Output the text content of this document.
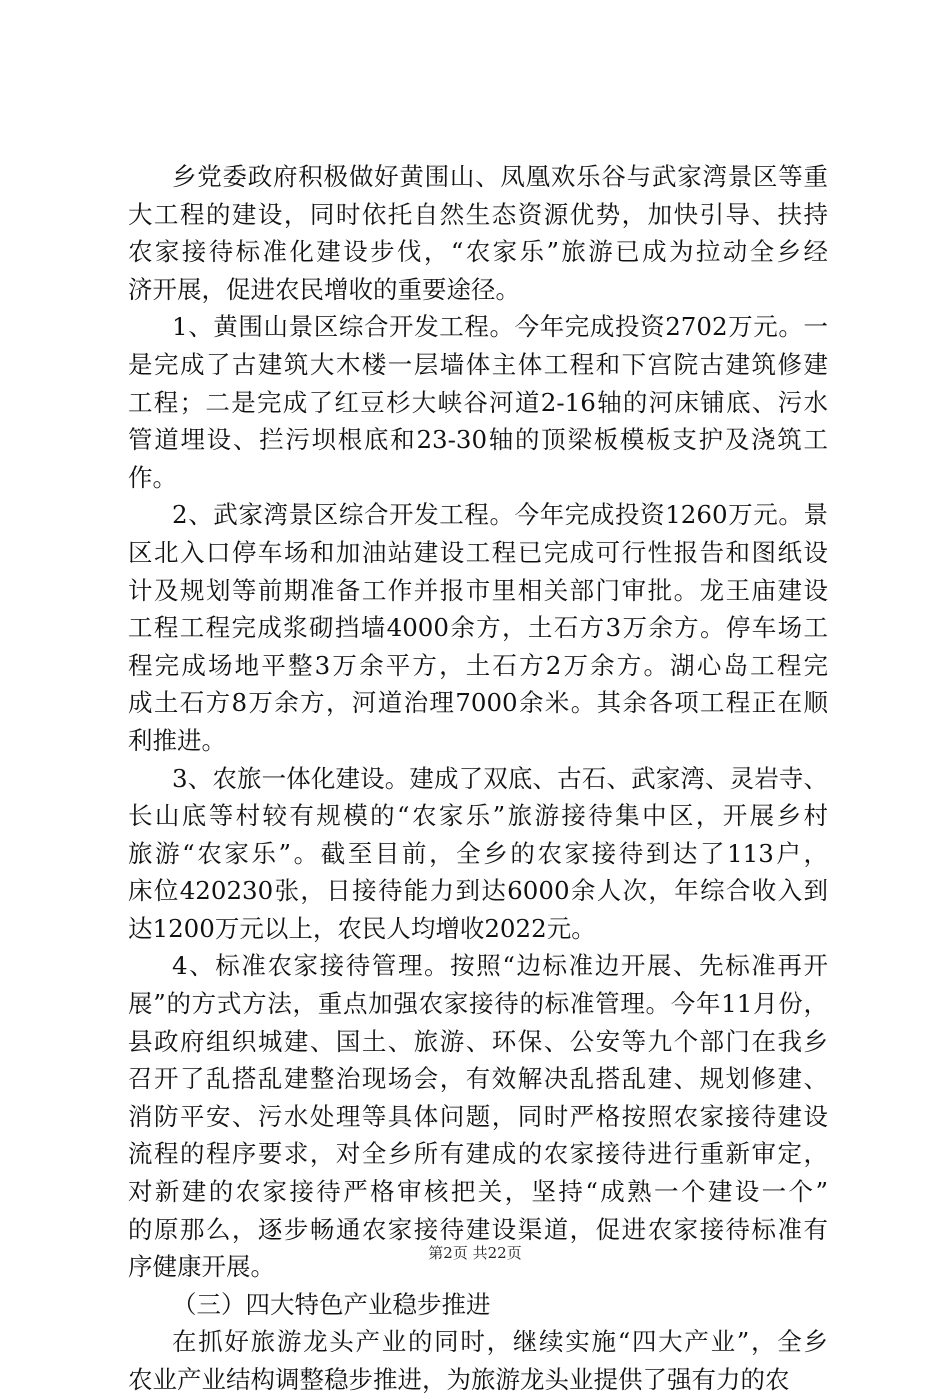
乡党委政府积极做好黄围山、凤凰欢乐谷与武家湾景区等重
大工程的建设，同时依托自然生态资源优势，加快引导、扶持
农家接待标准化建设步伐，“农家乐”旅游已成为拉动全乡经
济开展，促进农民增收的重要途径。
1、黄围山景区综合开发工程。今年完成投资2702万元。一
是完成了古建筑大木楼一层墙体主体工程和下宫院古建筑修建
工程；二是完成了红豆杉大峡谷河道2-16轴的河床铺底、污水
管道埋设、拦污坝根底和23-30轴的顶梁板模板支护及浇筑工
作。
2、武家湾景区综合开发工程。今年完成投资1260万元。景
区北入口停车场和加油站建设工程已完成可行性报告和图纸设
计及规划等前期准备工作并报市里相关部门审批。龙王庙建设
工程工程完成浆砌挡墙4000余方，土石方3万余方。停车场工
程完成场地平整3万余平方，土石方2万余方。湖心岛工程完
成土石方8万余方，河道治理7000余米。其余各项工程正在顺
利推进。
3、农旅一体化建设。建成了双底、古石、武家湾、灵岩寺、
长山底等村较有规模的“农家乐”旅游接待集中区，开展乡村
旅游“农家乐”。截至目前，全乡的农家接待到达了113户，
床位420230张，日接待能力到达6000余人次，年综合收入到
达1200万元以上，农民人均增收2022元。
4、标准农家接待管理。按照“边标准边开展、先标准再开
展”的方式方法，重点加强农家接待的标准管理。今年11月份，
县政府组织城建、国土、旅游、环保、公安等九个部门在我乡
召开了乱搭乱建整治现场会，有效解决乱搭乱建、规划修建、
消防平安、污水处理等具体问题，同时严格按照农家接待建设
流程的程序要求，对全乡所有建成的农家接待进行重新审定，
对新建的农家接待严格审核把关，坚持“成熟一个建设一个”
的原那么，逐步畅通农家接待建设渠道，促进农家接待标准有
序健康开展。
（三）四大特色产业稳步推进
在抓好旅游龙头产业的同时，继续实施“四大产业”，全乡
农业产业结构调整稳步推进，为旅游龙头业提供了强有力的农
第2页 共22页
